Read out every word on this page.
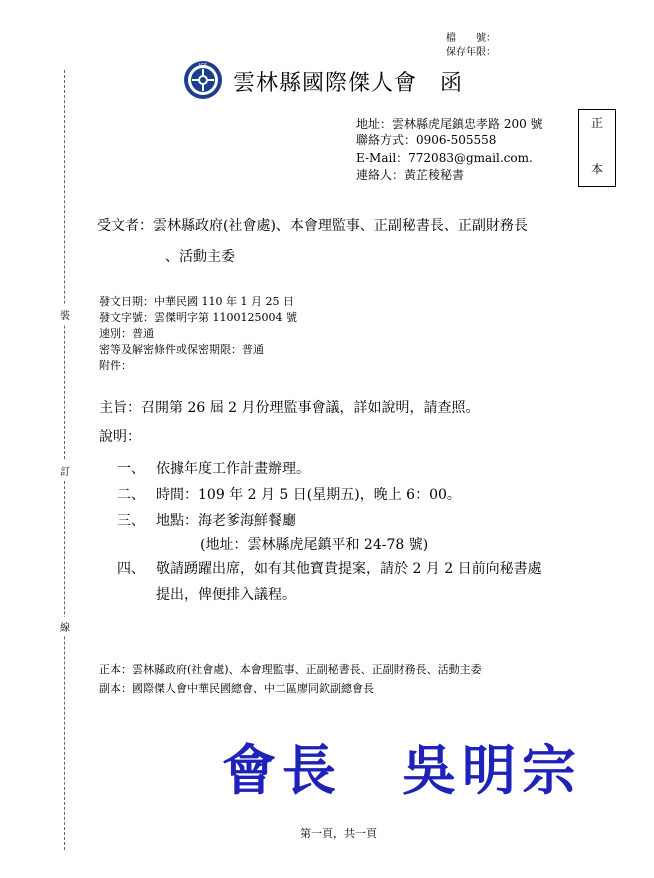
檔　　號：
保存年限：
裝
訂
線
JCS
雲林縣國際傑人會　函
地址：雲林縣虎尾鎮忠孝路 200 號
聯絡方式：0906-505558
E-Mail：772083@gmail.com.
連絡人：黃芷稜秘書
正
本
受文者：雲林縣政府(社會處)、本會理監事、正副秘書長、正副財務長
、活動主委
發文日期：中華民國 110 年 1 月 25 日
發文字號：雲傑明字第 1100125004 號
速別：普通
密等及解密條件或保密期限：普通
附件：
主旨：召開第 26 屆 2 月份理監事會議，詳如說明，請查照。
說明：
一、 依據年度工作計畫辦理。
二、 時間：109 年 2 月 5 日(星期五)，晚上 6：00。
三、 地點：海老爹海鮮餐廳
(地址：雲林縣虎尾鎮平和 24-78 號)
四、 敬請踴躍出席，如有其他寶貴提案，請於 2 月 2 日前向秘書處
提出，俾便排入議程。
正本：雲林縣政府(社會處)、本會理監事、正副秘書長、正副財務長、活動主委
副本：國際傑人會中華民國總會、中二區廖同欽副總會長
會長　吳明宗
第一頁，共一頁
